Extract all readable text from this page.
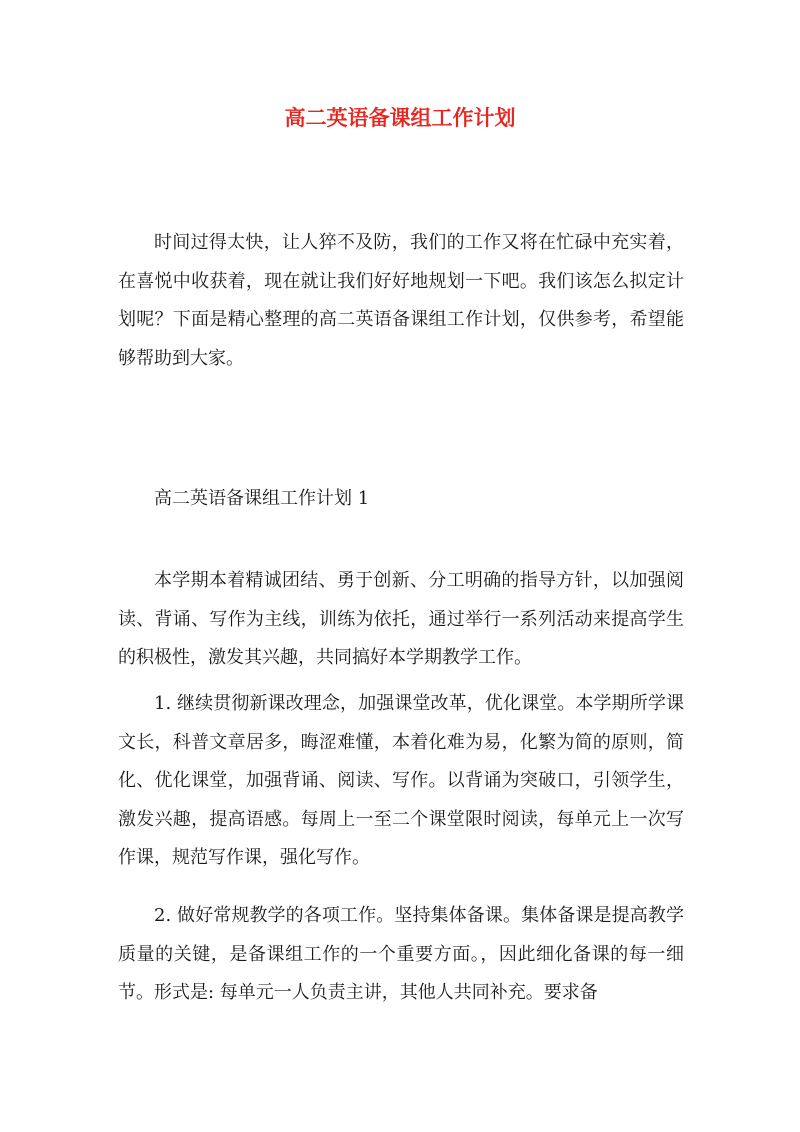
高二英语备课组工作计划

时间过得太快，让人猝不及防，我们的工作又将在忙碌中充实着，在喜悦中收获着，现在就让我们好好地规划一下吧。我们该怎么拟定计划呢？下面是精心整理的高二英语备课组工作计划，仅供参考，希望能够帮助到大家。

高二英语备课组工作计划 1

本学期本着精诚团结、勇于创新、分工明确的指导方针，以加强阅读、背诵、写作为主线，训练为依托，通过举行一系列活动来提高学生的积极性，激发其兴趣，共同搞好本学期教学工作。

1. 继续贯彻新课改理念，加强课堂改革，优化课堂。本学期所学课文长，科普文章居多，晦涩难懂，本着化难为易，化繁为简的原则，简化、优化课堂，加强背诵、阅读、写作。以背诵为突破口，引领学生，激发兴趣，提高语感。每周上一至二个课堂限时阅读，每单元上一次写作课，规范写作课，强化写作。

2. 做好常规教学的各项工作。坚持集体备课。集体备课是提高教学质量的关键，是备课组工作的一个重要方面。，因此细化备课的每一细节。形式是: 每单元一人负责主讲，其他人共同补充。要求备
